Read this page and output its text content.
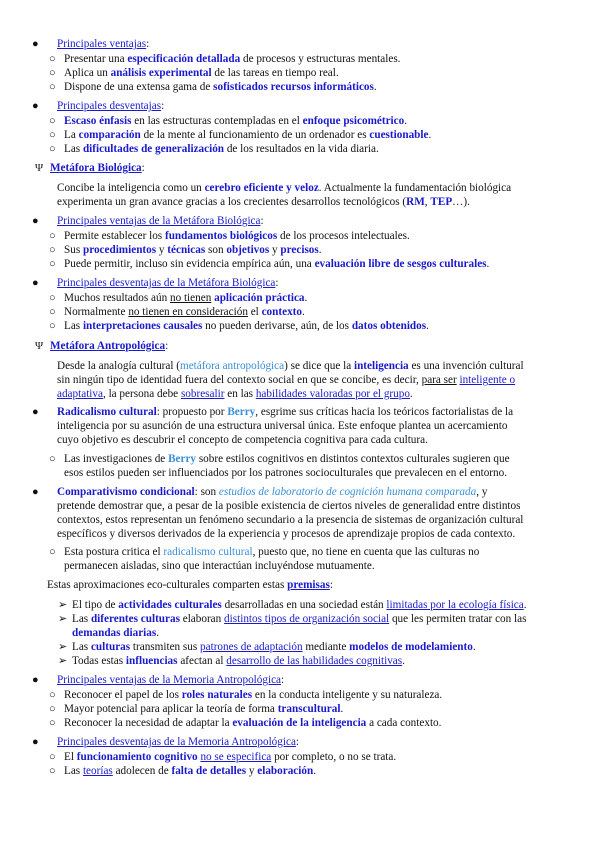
● Principales ventajas:
○ Presentar una especificación detallada de procesos y estructuras mentales.
○ Aplica un análisis experimental de las tareas en tiempo real.
○ Dispone de una extensa gama de sofisticados recursos informáticos.
● Principales desventajas:
○ Escaso énfasis en las estructuras contempladas en el enfoque psicométrico.
○ La comparación de la mente al funcionamiento de un ordenador es cuestionable.
○ Las dificultades de generalización de los resultados en la vida diaria.
Ψ Metáfora Biológica:
Concibe la inteligencia como un cerebro eficiente y veloz. Actualmente la fundamentación biológica
experimenta un gran avance gracias a los crecientes desarrollos tecnológicos (RM, TEP…).
● Principales ventajas de la Metáfora Biológica:
○ Permite establecer los fundamentos biológicos de los procesos intelectuales.
○ Sus procedimientos y técnicas son objetivos y precisos.
○ Puede permitir, incluso sin evidencia empírica aún, una evaluación libre de sesgos culturales.
● Principales desventajas de la Metáfora Biológica:
○ Muchos resultados aún no tienen aplicación práctica.
○ Normalmente no tienen en consideración el contexto.
○ Las interpretaciones causales no pueden derivarse, aún, de los datos obtenidos.
Ψ Metáfora Antropológica:
Desde la analogía cultural (metáfora antropológica) se dice que la inteligencia es una invención cultural
sin ningún tipo de identidad fuera del contexto social en que se concibe, es decir, para ser inteligente o
adaptativa, la persona debe sobresalir en las habilidades valoradas por el grupo.
● Radicalismo cultural: propuesto por Berry, esgrime sus críticas hacia los teóricos factorialistas de la
inteligencia por su asunción de una estructura universal única. Este enfoque plantea un acercamiento
cuyo objetivo es descubrir el concepto de competencia cognitiva para cada cultura.
○ Las investigaciones de Berry sobre estilos cognitivos en distintos contextos culturales sugieren que
esos estilos pueden ser influenciados por los patrones socioculturales que prevalecen en el entorno.
● Comparativismo condicional: son estudios de laboratorio de cognición humana comparada, y
pretende demostrar que, a pesar de la posible existencia de ciertos niveles de generalidad entre distintos
contextos, estos representan un fenómeno secundario a la presencia de sistemas de organización cultural
específicos y diversos derivados de la experiencia y procesos de aprendizaje propios de cada contexto.
○ Esta postura critica el radicalismo cultural, puesto que, no tiene en cuenta que las culturas no
permanecen aisladas, sino que interactúan incluyéndose mutuamente.
Estas aproximaciones eco-culturales comparten estas premisas:
➢ El tipo de actividades culturales desarrolladas en una sociedad están limitadas por la ecología física.
➢ Las diferentes culturas elaboran distintos tipos de organización social que les permiten tratar con las
demandas diarias.
➢ Las culturas transmiten sus patrones de adaptación mediante modelos de modelamiento.
➢ Todas estas influencias afectan al desarrollo de las habilidades cognitivas.
● Principales ventajas de la Memoria Antropológica:
○ Reconocer el papel de los roles naturales en la conducta inteligente y su naturaleza.
○ Mayor potencial para aplicar la teoría de forma transcultural.
○ Reconocer la necesidad de adaptar la evaluación de la inteligencia a cada contexto.
● Principales desventajas de la Memoria Antropológica:
○ El funcionamiento cognitivo no se especifica por completo, o no se trata.
○ Las teorías adolecen de falta de detalles y elaboración.
